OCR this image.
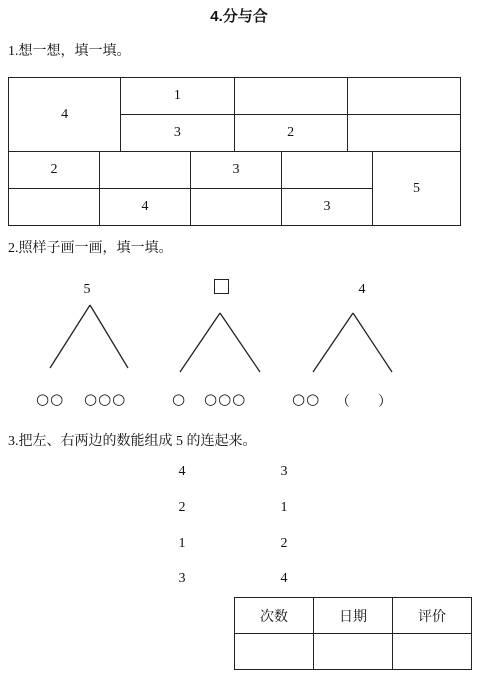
4.分与合
1.想一想，填一填。
4	1		
	3	2	
2		3		5
	4		3	
2.照样子画一画，填一填。
5	4
○○ ○○○	○ ○○○	○○ （　　）
3.把左、右两边的数能组成 5 的连起来。
4
2
1
3
3
1
2
4
次数	日期	评价
